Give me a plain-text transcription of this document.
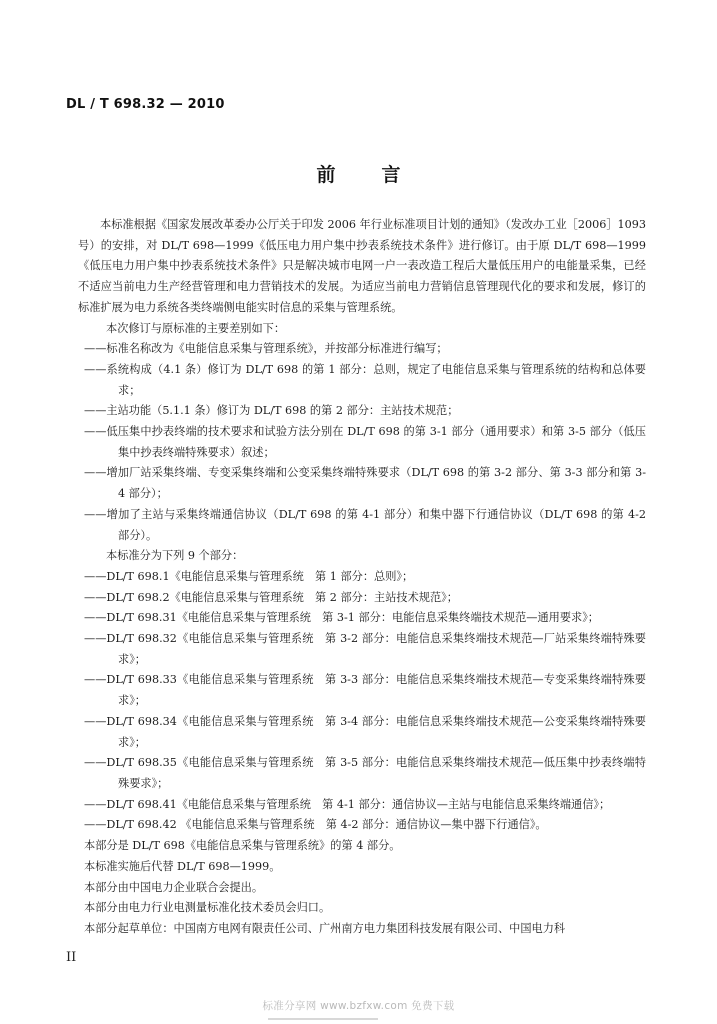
DL / T 698.32 — 2010
前言

本标准根据《国家发展改革委办公厅关于印发 2006 年行业标准项目计划的通知》（发改办工业［2006］1093 号）的安排，对 DL/T 698—1999《低压电力用户集中抄表系统技术条件》进行修订。由于原 DL/T 698—1999《低压电力用户集中抄表系统技术条件》只是解决城市电网一户一表改造工程后大量低压用户的电能量采集，已经不适应当前电力生产经营管理和电力营销技术的发展。为适应当前电力营销信息管理现代化的要求和发展，修订的标准扩展为电力系统各类终端侧电能实时信息的采集与管理系统。

本次修订与原标准的主要差别如下：

——标准名称改为《电能信息采集与管理系统》，并按部分标准进行编写；

——系统构成（4.1 条）修订为 DL/T 698 的第 1 部分：总则，规定了电能信息采集与管理系统的结构和总体要求；

——主站功能（5.1.1 条）修订为 DL/T 698 的第 2 部分：主站技术规范；

——低压集中抄表终端的技术要求和试验方法分别在 DL/T 698 的第 3-1 部分（通用要求）和第 3-5 部分（低压集中抄表终端特殊要求）叙述；

——增加厂站采集终端、专变采集终端和公变采集终端特殊要求（DL/T 698 的第 3-2 部分、第 3-3 部分和第 3-4 部分）；

——增加了主站与采集终端通信协议（DL/T 698 的第 4-1 部分）和集中器下行通信协议（DL/T 698 的第 4-2 部分）。

本标准分为下列 9 个部分：

——DL/T 698.1《电能信息采集与管理系统　第 1 部分：总则》；

——DL/T 698.2《电能信息采集与管理系统　第 2 部分：主站技术规范》；

——DL/T 698.31《电能信息采集与管理系统　第 3-1 部分：电能信息采集终端技术规范—通用要求》；

——DL/T 698.32《电能信息采集与管理系统　第 3-2 部分：电能信息采集终端技术规范—厂站采集终端特殊要求》；

——DL/T 698.33《电能信息采集与管理系统　第 3-3 部分：电能信息采集终端技术规范—专变采集终端特殊要求》；

——DL/T 698.34《电能信息采集与管理系统　第 3-4 部分：电能信息采集终端技术规范—公变采集终端特殊要求》；

——DL/T 698.35《电能信息采集与管理系统　第 3-5 部分：电能信息采集终端技术规范—低压集中抄表终端特殊要求》；

——DL/T 698.41《电能信息采集与管理系统　第 4-1 部分：通信协议—主站与电能信息采集终端通信》；

——DL/T 698.42 《电能信息采集与管理系统　第 4-2 部分：通信协议—集中器下行通信》。

本部分是 DL/T 698《电能信息采集与管理系统》的第 4 部分。

本标准实施后代替 DL/T 698—1999。

本部分由中国电力企业联合会提出。

本部分由电力行业电测量标准化技术委员会归口。

本部分起草单位：中国南方电网有限责任公司、广州南方电力集团科技发展有限公司、中国电力科

II
标准分享网 www.bzfxw.com 免费下载
